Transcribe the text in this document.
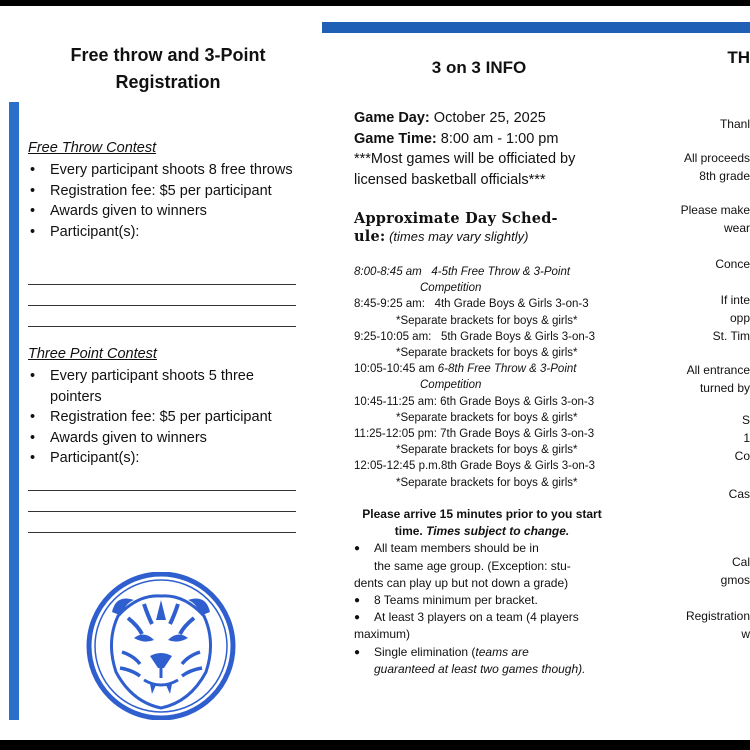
Free throw and 3-Point
Registration
Free Throw Contest
• Every participant shoots 8 free throws
• Registration fee: $5 per participant
• Awards given to winners
• Participant(s):
Three Point Contest
• Every participant shoots 5 three pointers
• Registration fee: $5 per participant
• Awards given to winners
• Participant(s):
3 on 3 INFO
Game Day: October 25, 2025
Game Time: 8:00 am - 1:00 pm
***Most games will be officiated by licensed basketball officials***
Approximate Day Sched-
ule: (times may vary slightly)
8:00-8:45 am 4-5th Free Throw & 3-Point
Competition
8:45-9:25 am: 4th Grade Boys & Girls 3-on-3
*Separate brackets for boys & girls*
9:25-10:05 am: 5th Grade Boys & Girls 3-on-3
*Separate brackets for boys & girls*
10:05-10:45 am 6-8th Free Throw & 3-Point
Competition
10:45-11:25 am: 6th Grade Boys & Girls 3-on-3
*Separate brackets for boys & girls*
11:25-12:05 pm: 7th Grade Boys & Girls 3-on-3
*Separate brackets for boys & girls*
12:05-12:45 p.m.8th Grade Boys & Girls 3-on-3
*Separate brackets for boys & girls*
Please arrive 15 minutes prior to you start
time. Times subject to change.
● All team members should be in
the same age group. (Exception: stu-
dents can play up but not down a grade)
● 8 Teams minimum per bracket.
● At least 3 players on a team (4 players
maximum)
● Single elimination (teams are
guaranteed at least two games though).
TH
Thanl
All proceeds
8th grade
Please make
wear
Conce
If inte
opp
St. Tim
All entrance
turned by
S
1
Co
Cas
Cal
gmos
Registration
w
